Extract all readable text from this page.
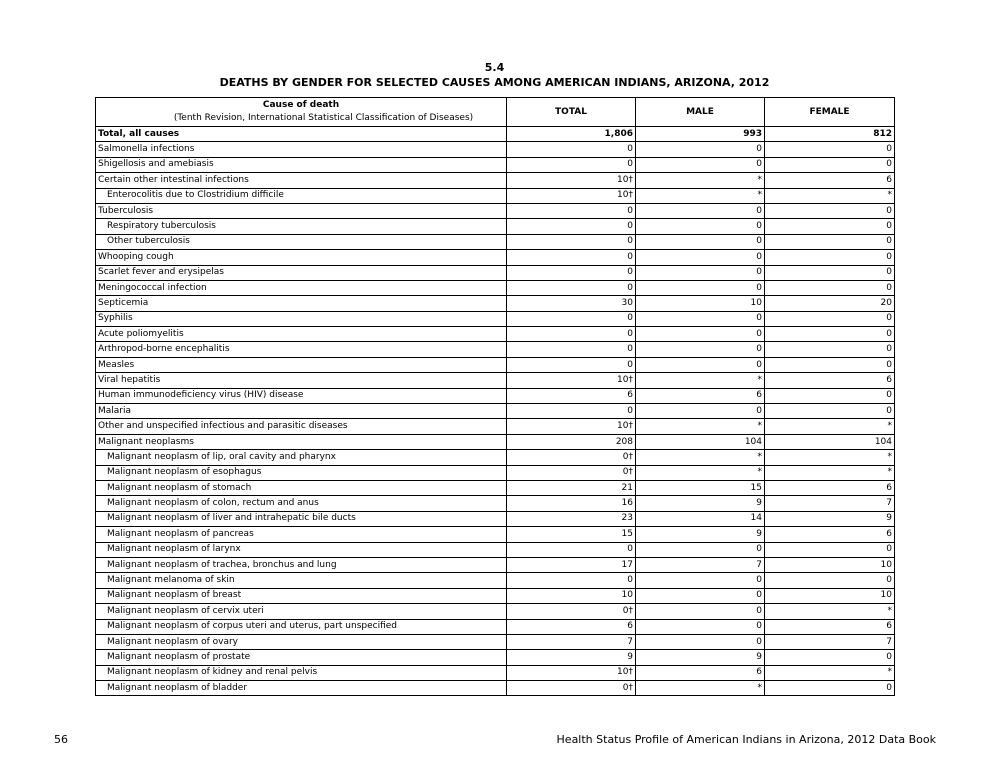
5.4
DEATHS BY GENDER FOR SELECTED CAUSES AMONG AMERICAN INDIANS, ARIZONA, 2012
Cause of death
(Tenth Revision, International Statistical Classification of Diseases)	TOTAL	MALE	FEMALE
Total, all causes	1,806	993	812
Salmonella infections	0	0	0
Shigellosis and amebiasis	0	0	0
Certain other intestinal infections	10†	*	6
Enterocolitis due to Clostridium difficile	10†	*	*
Tuberculosis	0	0	0
Respiratory tuberculosis	0	0	0
Other tuberculosis	0	0	0
Whooping cough	0	0	0
Scarlet fever and erysipelas	0	0	0
Meningococcal infection	0	0	0
Septicemia	30	10	20
Syphilis	0	0	0
Acute poliomyelitis	0	0	0
Arthropod-borne encephalitis	0	0	0
Measles	0	0	0
Viral hepatitis	10†	*	6
Human immunodeficiency virus (HIV) disease	6	6	0
Malaria	0	0	0
Other and unspecified infectious and parasitic diseases	10†	*	*
Malignant neoplasms	208	104	104
Malignant neoplasm of lip, oral cavity and pharynx	0†	*	*
Malignant neoplasm of esophagus	0†	*	*
Malignant neoplasm of stomach	21	15	6
Malignant neoplasm of colon, rectum and anus	16	9	7
Malignant neoplasm of liver and intrahepatic bile ducts	23	14	9
Malignant neoplasm of pancreas	15	9	6
Malignant neoplasm of larynx	0	0	0
Malignant neoplasm of trachea, bronchus and lung	17	7	10
Malignant melanoma of skin	0	0	0
Malignant neoplasm of breast	10	0	10
Malignant neoplasm of cervix uteri	0†	0	*
Malignant neoplasm of corpus uteri and uterus, part unspecified	6	0	6
Malignant neoplasm of ovary	7	0	7
Malignant neoplasm of prostate	9	9	0
Malignant neoplasm of kidney and renal pelvis	10†	6	*
Malignant neoplasm of bladder	0†	*	0
56	Health Status Profile of American Indians in Arizona, 2012 Data Book
